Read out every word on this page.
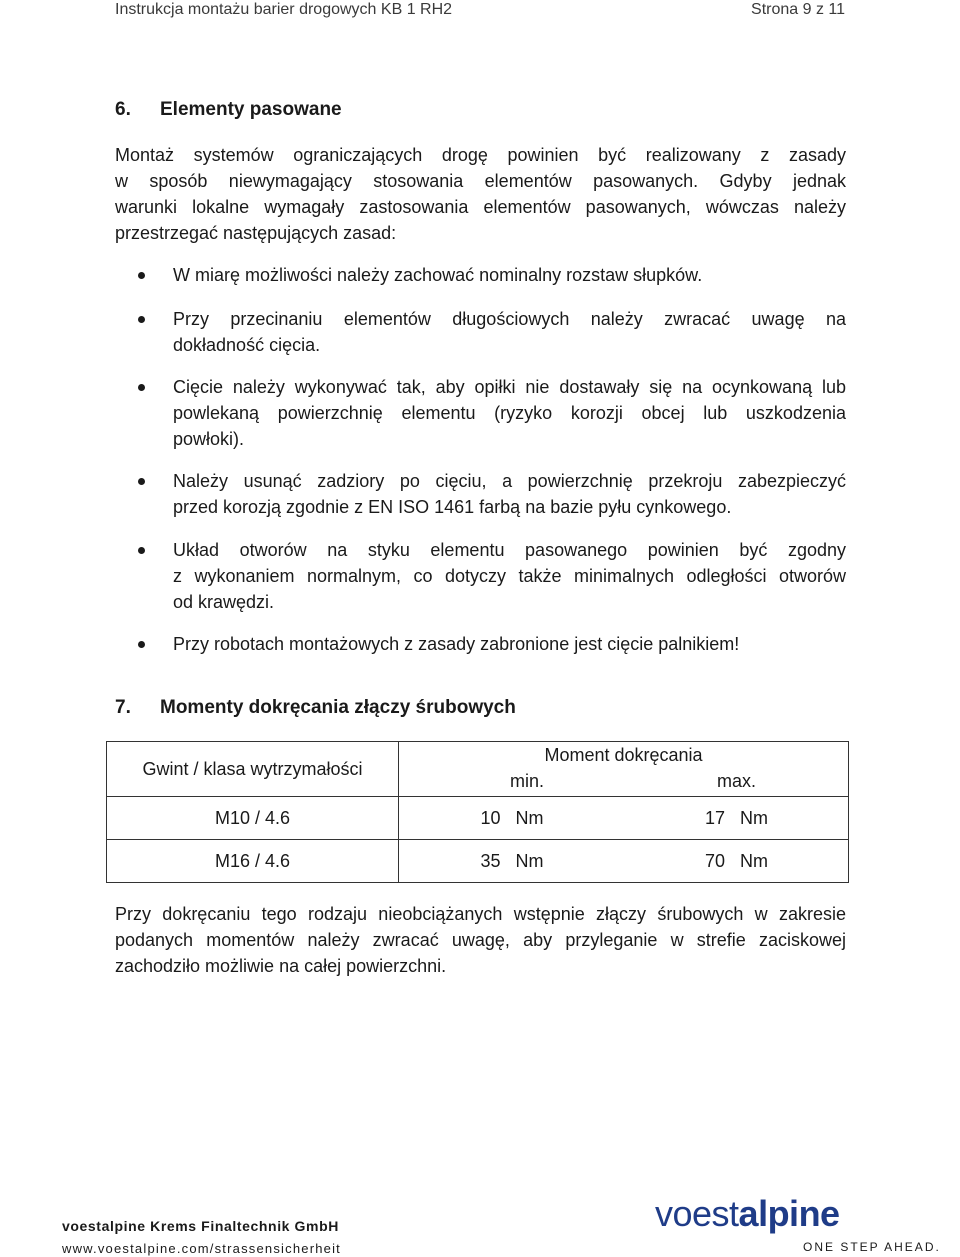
Instrukcja montażu barier drogowych KB 1 RH2	Strona 9 z 11
6. Elementy pasowane
Montaż systemów ograniczających drogę powinien być realizowany z zasady
w sposób niewymagający stosowania elementów pasowanych. Gdyby jednak
warunki lokalne wymagały zastosowania elementów pasowanych, wówczas należy
przestrzegać następujących zasad:
W miarę możliwości należy zachować nominalny rozstaw słupków.
Przy przecinaniu elementów długościowych należy zwracać uwagę na
dokładność cięcia.
Cięcie należy wykonywać tak, aby opiłki nie dostawały się na ocynkowaną lub
powlekaną powierzchnię elementu (ryzyko korozji obcej lub uszkodzenia
powłoki).
Należy usunąć zadziory po cięciu, a powierzchnię przekroju zabezpieczyć
przed korozją zgodnie z EN ISO 1461 farbą na bazie pyłu cynkowego.
Układ otworów na styku elementu pasowanego powinien być zgodny
z wykonaniem normalnym, co dotyczy także minimalnych odległości otworów
od krawędzi.
Przy robotach montażowych z zasady zabronione jest cięcie palnikiem!
7. Momenty dokręcania złączy śrubowych
Gwint / klasa wytrzymałości	Moment dokręcania
min. max.	

M10 / 4.6	10 Nm	17 Nm
M16 / 4.6	35 Nm	70 Nm
Przy dokręcaniu tego rodzaju nieobciążanych wstępnie złączy śrubowych w zakresie
podanych momentów należy zwracać uwagę, aby przyleganie w strefie zaciskowej
zachodziło możliwie na całej powierzchni.
voestalpine Krems Finaltechnik GmbH
www.voestalpine.com/strassensicherheit
voestalpine
ONE STEP AHEAD.
